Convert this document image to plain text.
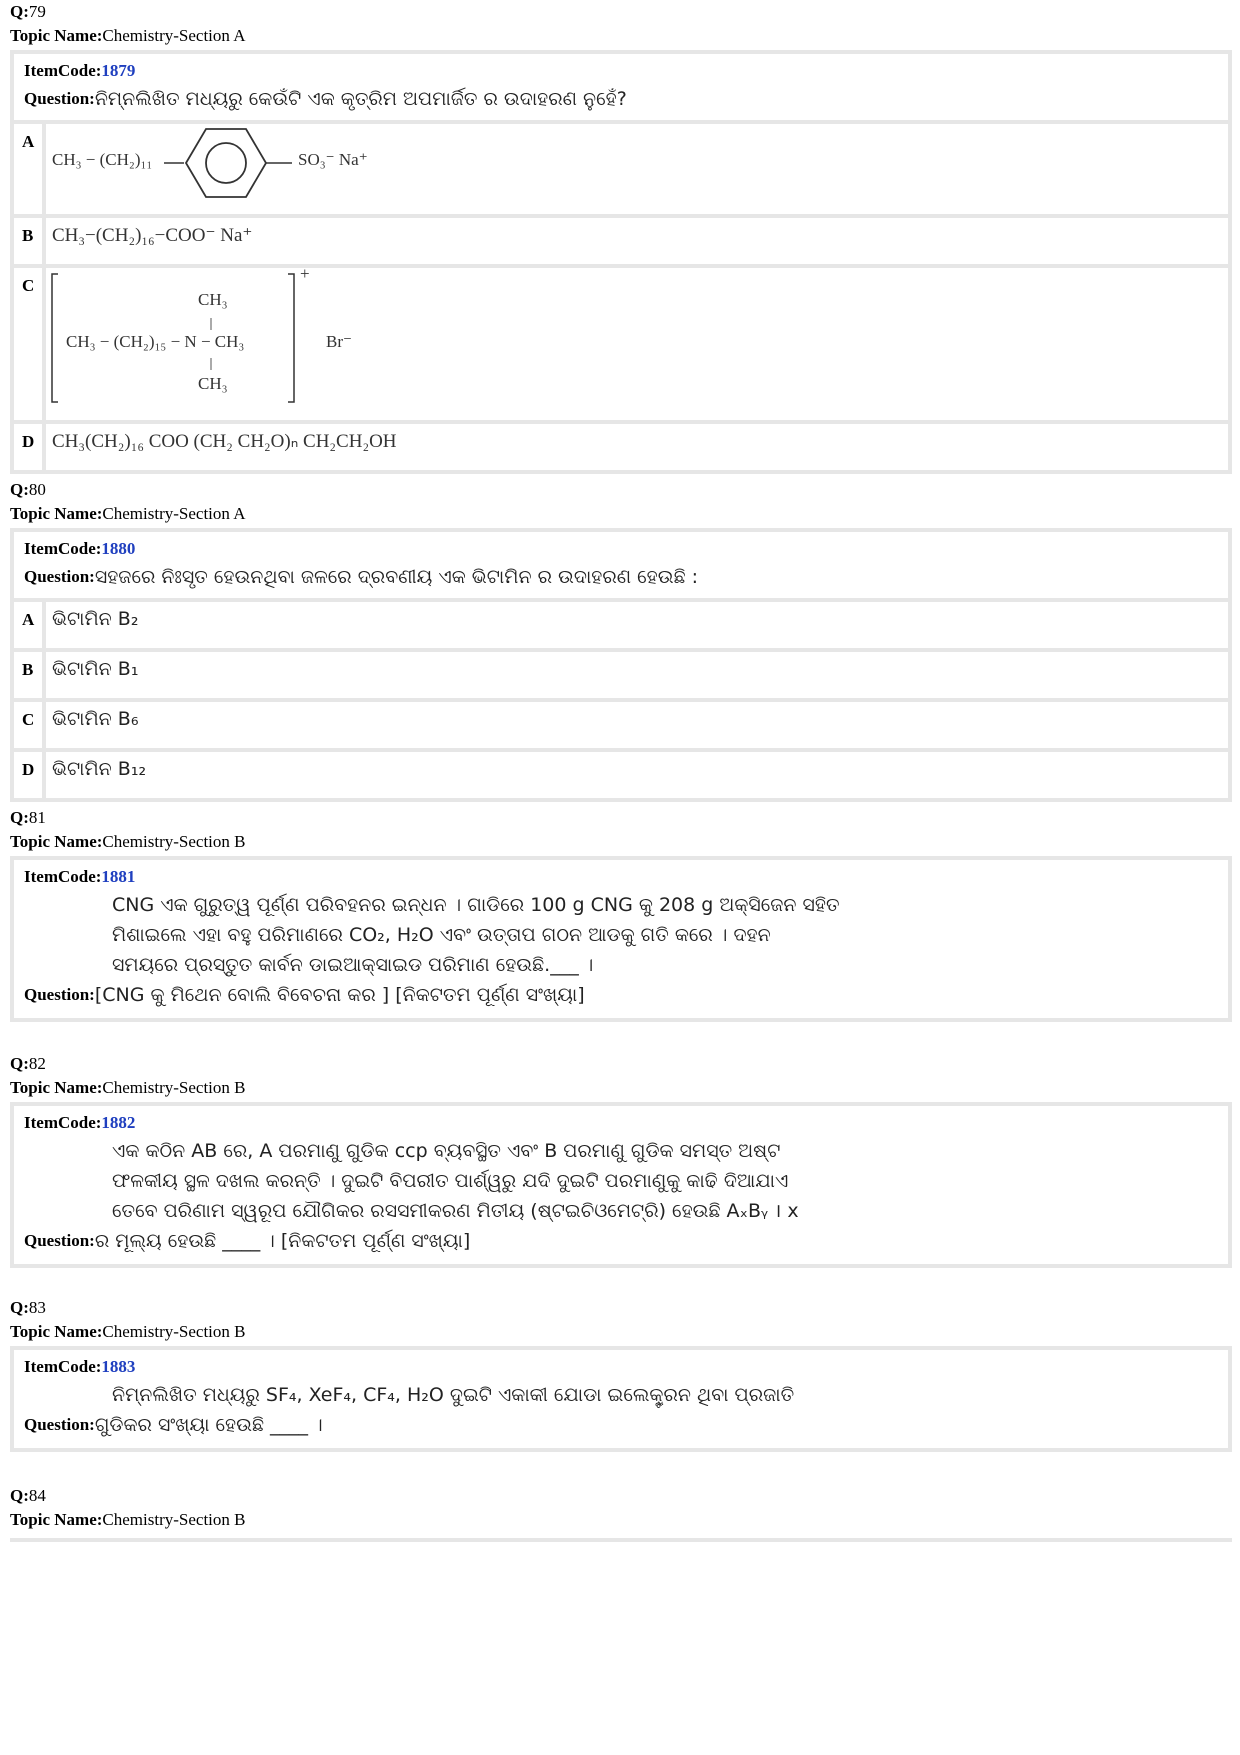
Q:79
Topic Name:Chemistry-Section A
ItemCode:1879
Question: ନିମ୍ନଲିଖିତ ମଧ୍ୟରୁ କେଉଁଟି ଏକ କୃତ୍ରିମ ଅପମାର୍ଜିତ ର ଉଦାହରଣ ନୁହେଁ?
A
CH₃ − (CH₂)₁₁	SO₃⁻ Na⁺
B CH₃−(CH₂)₁₆−COO⁻ Na⁺
C
CH₃
CH₃ − (CH₂)₁₅ − N − CH₃
CH₃
+
Br⁻
D CH₃(CH₂)₁₆ COO (CH₂ CH₂O)ₙ CH₂CH₂OH
Q:80
Topic Name:Chemistry-Section A
ItemCode:1880
Question: ସହଜରେ ନିଃସୃତ ହେଉନଥିବା ଜଳରେ ଦ୍ରବଣୀୟ ଏକ ଭିଟାମିନ ର ଉଦାହରଣ ହେଉଛି :
A ଭିଟାମିନ B₂
B ଭିଟାମିନ B₁
C ଭିଟାମିନ B₆
D ଭିଟାମିନ B₁₂
Q:81
Topic Name:Chemistry-Section B
ItemCode:1881
CNG ଏକ ଗୁରୁତ୍ୱ ପୂର୍ଣ୍ଣ ପରିବହନର ଇନ୍ଧନ । ଗାଡିରେ 100 g CNG କୁ 208 g ଅକ୍ସିଜେନ ସହିତ
ମିଶାଇଲେ ଏହା ବହୁ ପରିମାଣରେ CO₂, H₂O ଏବଂ ଉତ୍ତାପ ଗଠନ ଆଡକୁ ଗତି କରେ । ଦହନ
ସମୟରେ ପ୍ରସ୍ତୁତ କାର୍ବନ ଡାଇଆକ୍ସାଇଡ ପରିମାଣ ହେଉଛି.___ ।
Question: [CNG କୁ ମିଥେନ ବୋଲି ବିବେଚନା କର ] [ନିକଟତମ ପୂର୍ଣ୍ଣ ସଂଖ୍ୟା]
Q:82
Topic Name:Chemistry-Section B
ItemCode:1882
ଏକ କଠିନ AB ରେ, A ପରମାଣୁ ଗୁଡିକ ccp ବ୍ୟବସ୍ଥିତ ଏବଂ B ପରମାଣୁ ଗୁଡିକ ସମସ୍ତ ଅଷ୍ଟ
ଫଳକୀୟ ସ୍ଥଳ ଦଖଲ କରନ୍ତି । ଦୁଇଟି ବିପରୀତ ପାର୍ଶ୍ୱରୁ ଯଦି ଦୁଇଟି ପରମାଣୁକୁ କାଢି ଦିଆଯାଏ
ତେବେ ପରିଣାମ ସ୍ୱରୂପ ଯୌଗିକର ରସସମୀକରଣ ମିତୀୟ (ଷ୍ଟଇଚିଓମେଟ୍ରି) ହେଉଛି AₓBᵧ । x
Question: ର ମୂଲ୍ୟ ହେଉଛି ____ । [ନିକଟତମ ପୂର୍ଣ୍ଣ ସଂଖ୍ୟା]
Q:83
Topic Name:Chemistry-Section B
ItemCode:1883
ନିମ୍ନଲିଖିତ ମଧ୍ୟରୁ SF₄, XeF₄, CF₄, H₂O ଦୁଇଟି ଏକାକୀ ଯୋଡା ଇଲେକ୍ଟ୍ରନ ଥିବା ପ୍ରଜାତି
Question: ଗୁଡିକର ସଂଖ୍ୟା ହେଉଛି ____ ।
Q:84
Topic Name:Chemistry-Section B
